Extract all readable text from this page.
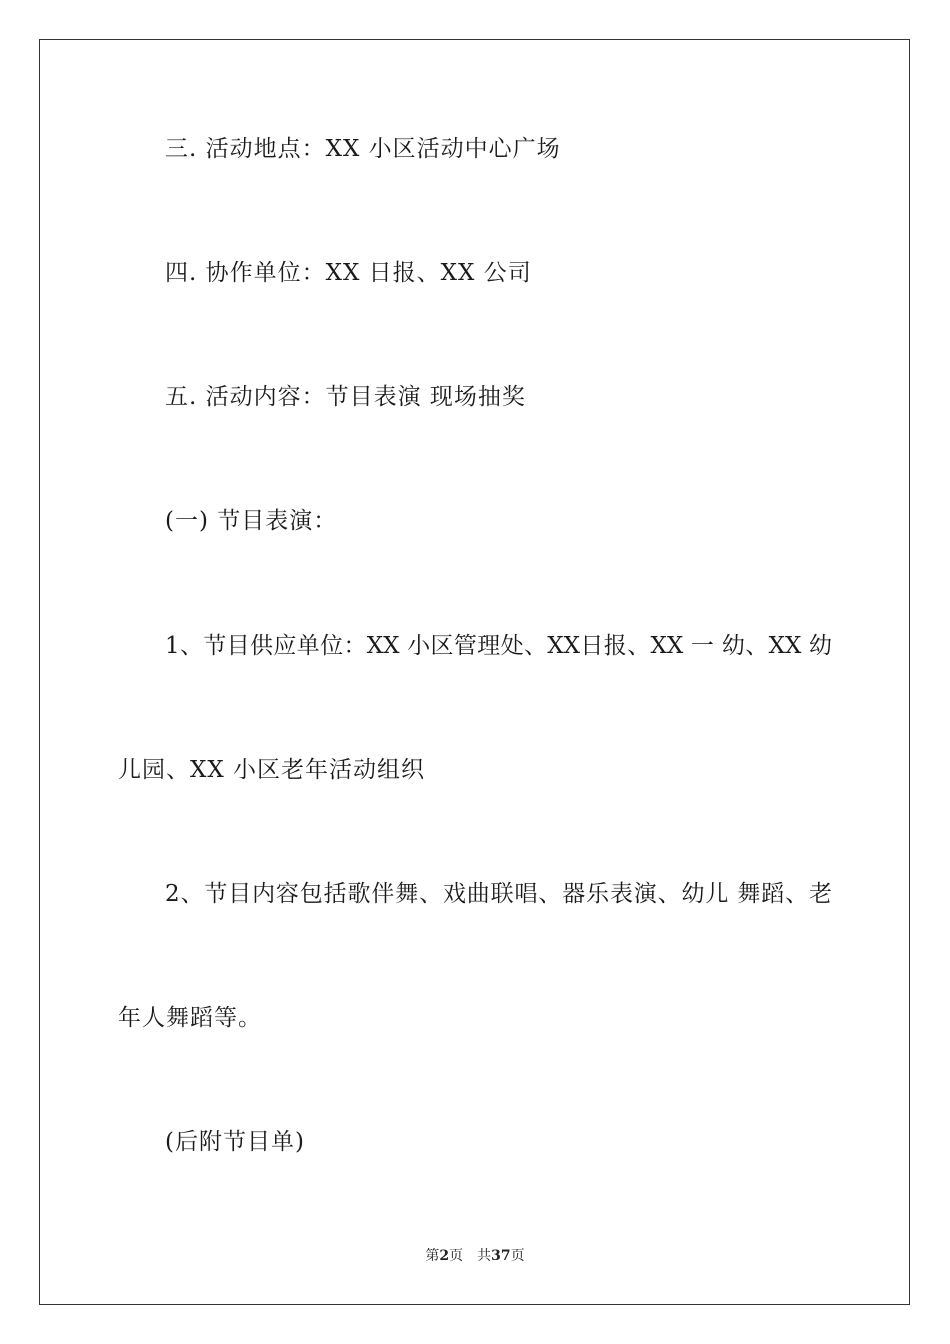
三. 活动地点：XX 小区活动中心广场
四. 协作单位：XX 日报、XX 公司
五. 活动内容：节目表演 现场抽奖
(一) 节目表演：
1、节目供应单位：XX 小区管理处、XX日报、XX 一 幼、XX 幼
儿园、XX 小区老年活动组织
2、节目内容包括歌伴舞、戏曲联唱、器乐表演、幼儿 舞蹈、老
年人舞蹈等。
(后附节目单)
第2页 共37页
